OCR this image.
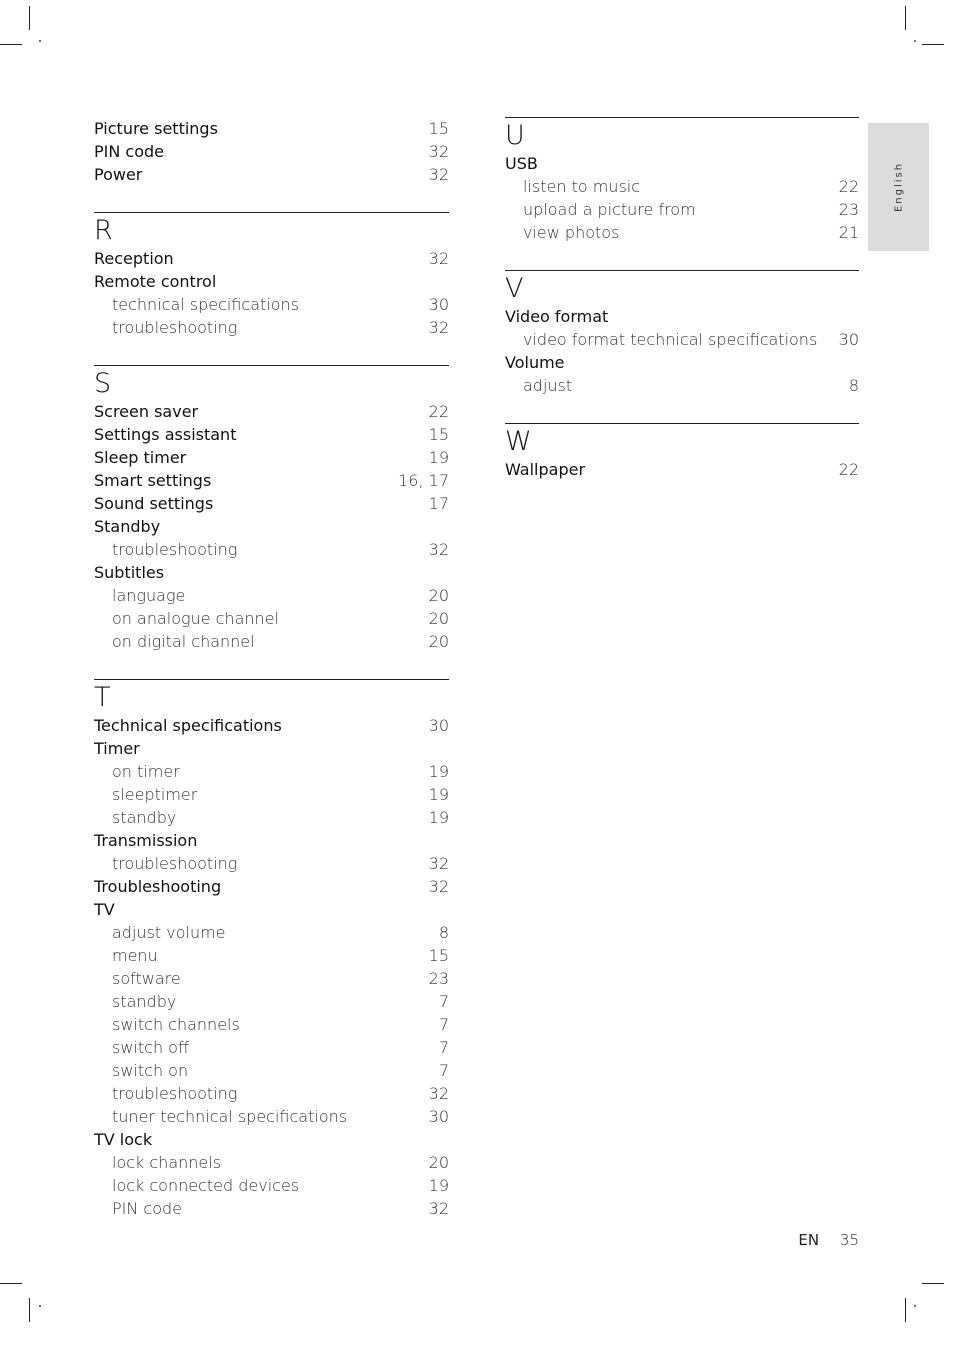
Picture settings	15
PIN code	32
Power	32
R
Reception	32
Remote control
technical specifications	30
troubleshooting	32
S
Screen saver	22
Settings assistant	15
Sleep timer	19
Smart settings	16, 17
Sound settings	17
Standby
troubleshooting	32
Subtitles
language	20
on analogue channel	20
on digital channel	20
T
Technical specifications	30
Timer
on timer	19
sleeptimer	19
standby	19
Transmission
troubleshooting	32
Troubleshooting	32
TV
adjust volume	8
menu	15
software	23
standby	7
switch channels	7
switch off	7
switch on	7
troubleshooting	32
tuner technical specifications	30
TV lock
lock channels	20
lock connected devices	19
PIN code	32
U
USB
listen to music	22
upload a picture from	23
view photos	21
V
Video format
video format technical specifications 30
Volume
adjust	8
W
Wallpaper	22
English
EN 35
